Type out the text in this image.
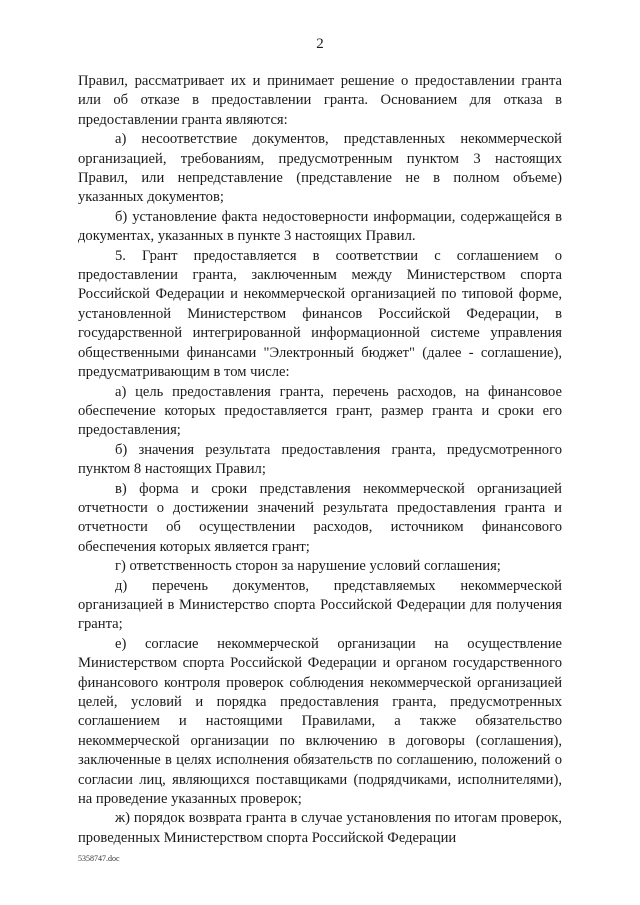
2

Правил, рассматривает их и принимает решение о предоставлении гранта или об отказе в предоставлении гранта. Основанием для отказа в предоставлении гранта являются:

а) несоответствие документов, представленных некоммерческой организацией, требованиям, предусмотренным пунктом 3 настоящих Правил, или непредставление (представление не в полном объеме) указанных документов;

б) установление факта недостоверности информации, содержащейся в документах, указанных в пункте 3 настоящих Правил.

5. Грант предоставляется в соответствии с соглашением о предоставлении гранта, заключенным между Министерством спорта Российской Федерации и некоммерческой организацией по типовой форме, установленной Министерством финансов Российской Федерации, в государственной интегрированной информационной системе управления общественными финансами "Электронный бюджет" (далее - соглашение), предусматривающим в том числе:

а) цель предоставления гранта, перечень расходов, на финансовое обеспечение которых предоставляется грант, размер гранта и сроки его предоставления;

б) значения результата предоставления гранта, предусмотренного пунктом 8 настоящих Правил;

в) форма и сроки представления некоммерческой организацией отчетности о достижении значений результата предоставления гранта и отчетности об осуществлении расходов, источником финансового обеспечения которых является грант;

г) ответственность сторон за нарушение условий соглашения;

д) перечень документов, представляемых некоммерческой организацией в Министерство спорта Российской Федерации для получения гранта;

е) согласие некоммерческой организации на осуществление Министерством спорта Российской Федерации и органом государственного финансового контроля проверок соблюдения некоммерческой организацией целей, условий и порядка предоставления гранта, предусмотренных соглашением и настоящими Правилами, а также обязательство некоммерческой организации по включению в договоры (соглашения), заключенные в целях исполнения обязательств по соглашению, положений о согласии лиц, являющихся поставщиками (подрядчиками, исполнителями), на проведение указанных проверок;

ж) порядок возврата гранта в случае установления по итогам проверок, проведенных Министерством спорта Российской Федерации

5358747.doc
